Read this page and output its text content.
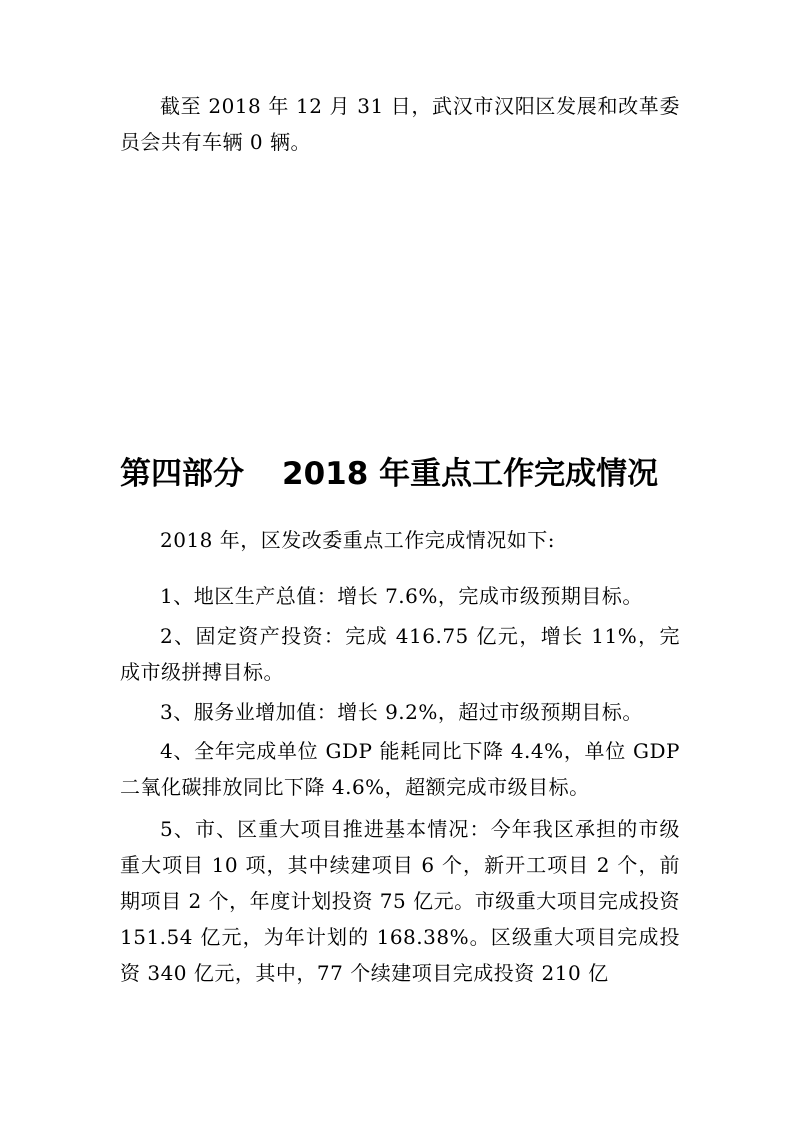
截至 2018 年 12 月 31 日，武汉市汉阳区发展和改革委员会共有车辆 0 辆。

第四部分 2018 年重点工作完成情况

2018 年，区发改委重点工作完成情况如下:

1、地区生产总值：增长 7.6%，完成市级预期目标。

2、固定资产投资：完成 416.75 亿元，增长 11%，完成市级拼搏目标。

3、服务业增加值：增长 9.2%，超过市级预期目标。

4、全年完成单位 GDP 能耗同比下降 4.4%，单位 GDP 二氧化碳排放同比下降 4.6%，超额完成市级目标。

5、市、区重大项目推进基本情况：今年我区承担的市级重大项目 10 项，其中续建项目 6 个，新开工项目 2 个，前期项目 2 个，年度计划投资 75 亿元。市级重大项目完成投资 151.54 亿元，为年计划的 168.38%。区级重大项目完成投资 340 亿元，其中，77 个续建项目完成投资 210 亿
